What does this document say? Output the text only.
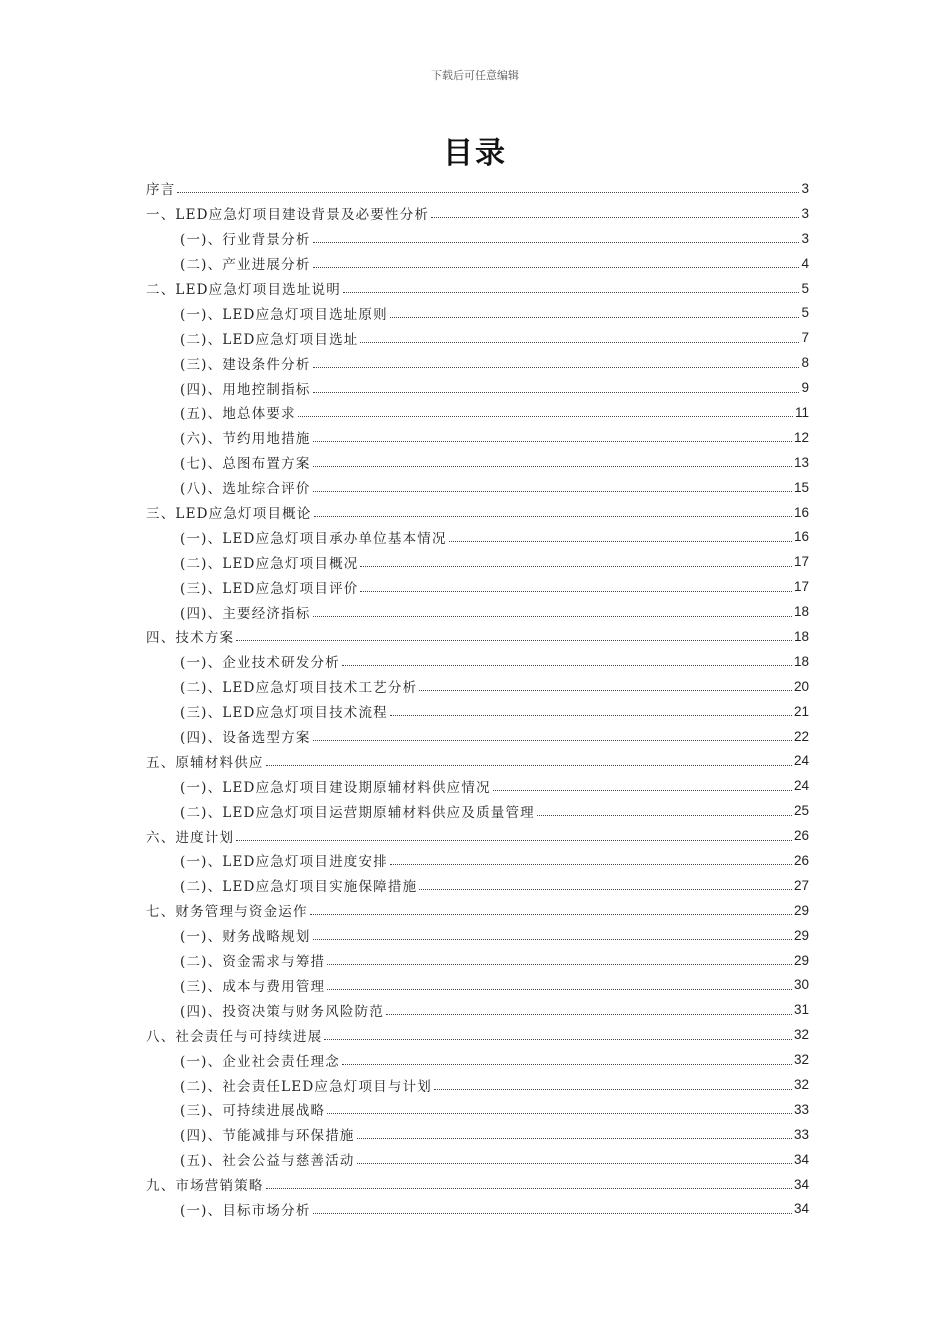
下载后可任意编辑
目录
序言	3
一、LED应急灯项目建设背景及必要性分析	3
(一)、行业背景分析	3
(二)、产业进展分析	4
二、LED应急灯项目选址说明	5
(一)、LED应急灯项目选址原则	5
(二)、LED应急灯项目选址	7
(三)、建设条件分析	8
(四)、用地控制指标	9
(五)、地总体要求	11
(六)、节约用地措施	12
(七)、总图布置方案	13
(八)、选址综合评价	15
三、LED应急灯项目概论	16
(一)、LED应急灯项目承办单位基本情况	16
(二)、LED应急灯项目概况	17
(三)、LED应急灯项目评价	17
(四)、主要经济指标	18
四、技术方案	18
(一)、企业技术研发分析	18
(二)、LED应急灯项目技术工艺分析	20
(三)、LED应急灯项目技术流程	21
(四)、设备选型方案	22
五、原辅材料供应	24
(一)、LED应急灯项目建设期原辅材料供应情况	24
(二)、LED应急灯项目运营期原辅材料供应及质量管理	25
六、进度计划	26
(一)、LED应急灯项目进度安排	26
(二)、LED应急灯项目实施保障措施	27
七、财务管理与资金运作	29
(一)、财务战略规划	29
(二)、资金需求与筹措	29
(三)、成本与费用管理	30
(四)、投资决策与财务风险防范	31
八、社会责任与可持续进展	32
(一)、企业社会责任理念	32
(二)、社会责任LED应急灯项目与计划	32
(三)、可持续进展战略	33
(四)、节能减排与环保措施	33
(五)、社会公益与慈善活动	34
九、市场营销策略	34
(一)、目标市场分析	34
